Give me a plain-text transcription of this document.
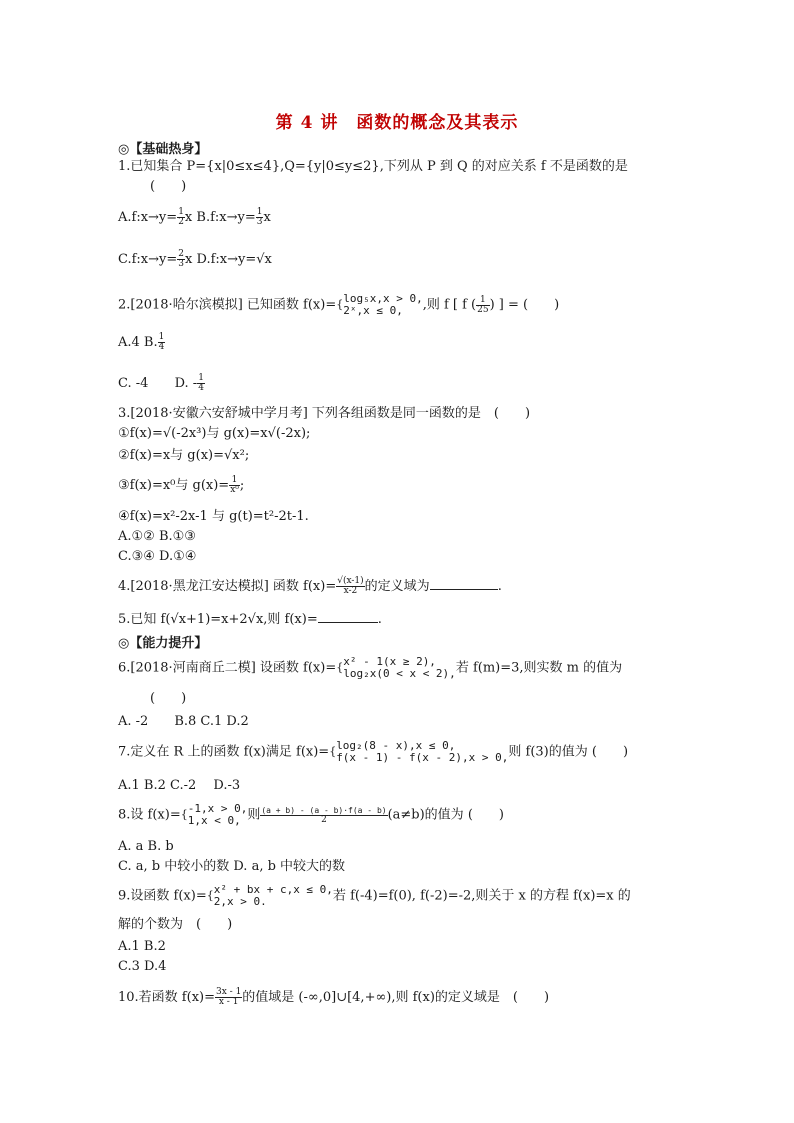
第 4 讲　函数的概念及其表示
◎【基础热身】
1.已知集合 P={x|0≤x≤4},Q={y|0≤y≤2},下列从 P 到 Q 的对应关系 f 不是函数的是
(　　)
A.f:x→y= $\frac{1}{2}$ x B.f:x→y= $\frac{1}{3}$ x
C.f:x→y= $\frac{2}{3}$ x D.f:x→y=√x
2.[2018·哈尔滨模拟] 已知函数 f(x)={ log₅x,x > 0,
2ˣ,x ≤ 0,	,则 f [ f ( $\frac{1}{25}$ ) ] = (　　)
A.4 B. $\frac{1}{4}$
C. -4 D. - $\frac{1}{4}$
3.[2018·安徽六安舒城中学月考] 下列各组函数是同一函数的是　(　　)
①f(x)=√(-2x³)与 g(x)=x√(-2x);
②f(x)=x与 g(x)=√x²;
③f(x)=x⁰与 $g(x)= \frac{1}{\text{x⁰}}$ ;
④f(x)=x²-2x-1 与 g(t)=t²-2t-1.
A.①② B.①③
C.③④ D.①④
4.[2018·黑龙江安达模拟] 函数 $f(x)= \frac{√(x-1)}{x-2}$ 的定义域为	.
5.已知 f(√x+1)=x+2√x,则 f(x)=	.
◎【能力提升】
6.[2018·河南商丘二模] 设函数 f(x)={ x² - 1(x ≥ 2),
log₂x(0 < x < 2), 若 f(m)=3,则实数 m 的值为
(　　)
A. -2　　B.8 C.1 D.2
7.定义在 R 上的函数 f(x)满足 f(x)={ log₂(8 - x),x ≤ 0,
f(x - 1) - f(x - 2),x > 0, 则 f(3)的值为 (　　)
A.1 B.2 C.-2　 D.-3
8.设 f(x)={ -1,x > 0,
1,x < 0, 则 $\frac{(a + b) - (a - b)\cdot f(a - b)}{2} (a\ne b)$的值为 (　　)
A. a B. b
C. a, b 中较小的数 D. a, b 中较大的数
9.设函数 f(x)={ x² + bx + c,x ≤ 0,
2,x > 0.	若 f(-4)=f(0), f(-2)=-2,则关于 x 的方程 f(x)=x 的
解的个数为　(　　)
A.1 B.2
C.3 D.4
10.若函数 $f(x)= \frac{3x - 1}{x - 1}$ 的值域是 (-∞,0]∪[4,+∞),则 f(x)的定义域是　(　　)
